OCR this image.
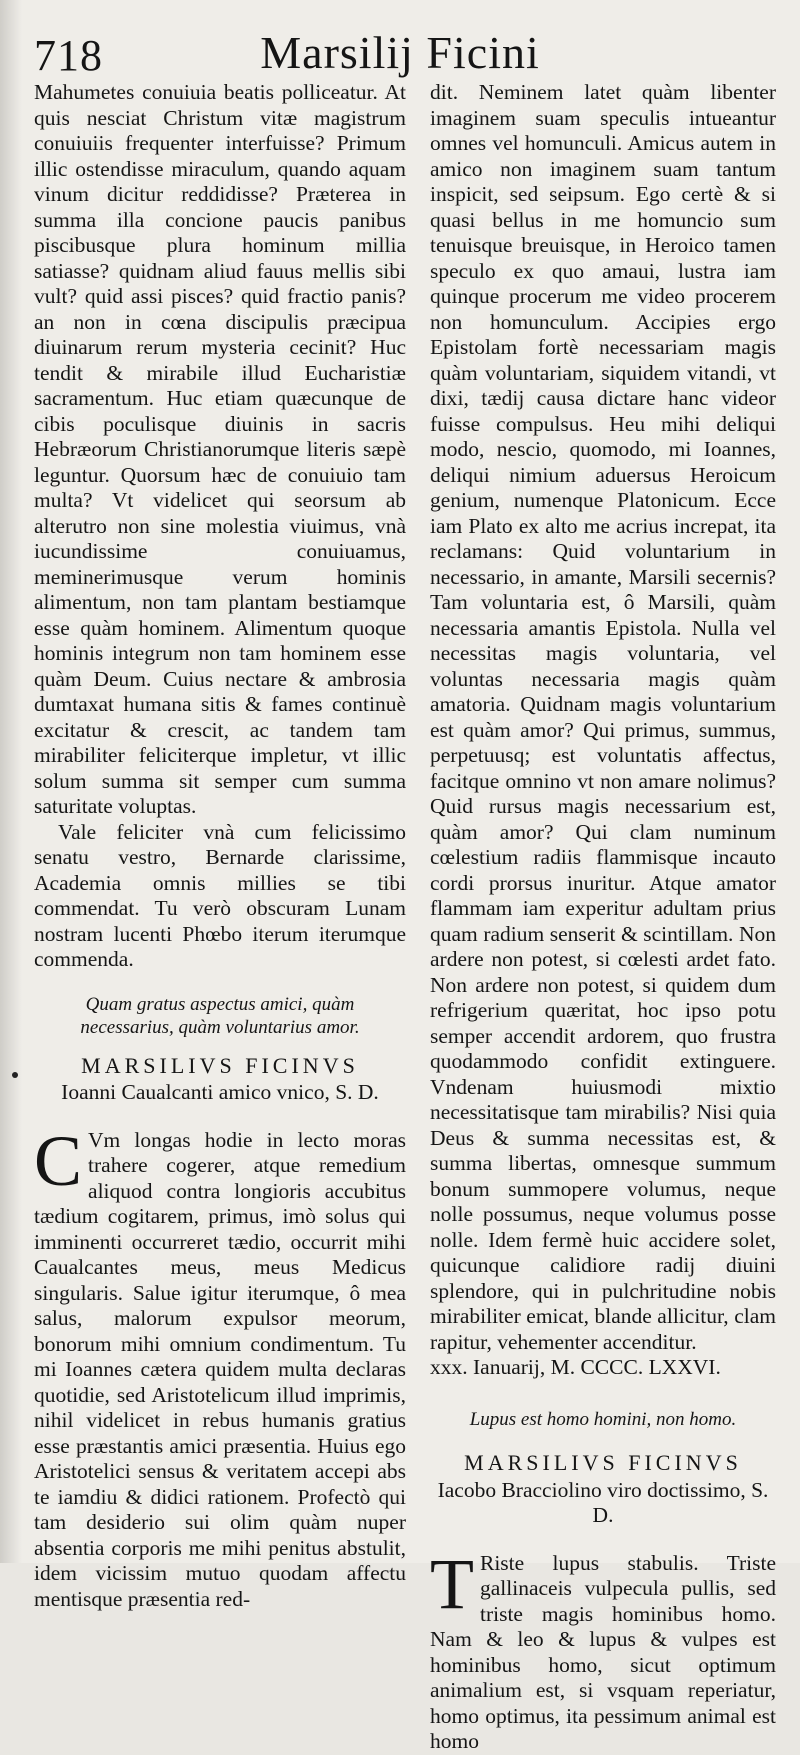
718	Marsilij Ficini

Mahumetes conuiuia beatis polliceatur. At quis nesciat Christum vitæ magistrum conuiuiis frequenter interfuisse? Primum illic ostendisse miraculum, quando aquam vinum dicitur reddidisse? Præterea in summa illa concione paucis panibus piscibusque plura hominum millia satiasse? quidnam aliud fauus mellis sibi vult? quid assi pisces? quid fractio panis? an non in cœna discipulis præcipua diuinarum rerum mysteria cecinit? Huc tendit & mirabile illud Eucharistiæ sacramentum. Huc etiam quæcunque de cibis poculisque diuinis in sacris Hebræorum Christianorumque literis sæpè leguntur. Quorsum hæc de conuiuio tam multa? Vt videlicet qui seorsum ab alterutro non sine molestia viuimus, vnà iucundissime conuiuamus, meminerimusque verum hominis alimentum, non tam plantam bestiamque esse quàm hominem. Alimentum quoque hominis integrum non tam hominem esse quàm Deum. Cuius nectare & ambrosia dumtaxat humana sitis & fames continuè excitatur & crescit, ac tandem tam mirabiliter feliciterque impletur, vt illic solum summa sit semper cum summa saturitate voluptas.

Vale feliciter vnà cum felicissimo senatu vestro, Bernarde clarissime, Academia omnis millies se tibi commendat. Tu verò obscuram Lunam nostram lucenti Phœbo iterum iterumque commenda.

Quam gratus aspectus amici, quàm necessarius, quàm voluntarius amor.
MARSILIVS FICINVS
Ioanni Caualcanti amico vnico, S. D.

C Vm longas hodie in lecto moras trahere cogerer, atque remedium aliquod contra longioris accubitus tædium cogitarem, primus, imò solus qui imminenti occurreret tædio, occurrit mihi Caualcantes meus, meus Medicus singularis. Salue igitur iterumque, ô mea salus, malorum expulsor meorum, bonorum mihi omnium condimentum. Tu mi Ioannes cætera quidem multa declaras quotidie, sed Aristotelicum illud imprimis, nihil videlicet in rebus humanis gratius esse præstantis amici præsentia. Huius ego Aristotelici sensus & veritatem accepi abs te iamdiu & didici rationem. Profectò qui tam desiderio sui olim quàm nuper absentia corporis me mihi penitus abstulit, idem vicissim mutuo quodam affectu mentisque præsentia red-

dit. Neminem latet quàm libenter imaginem suam speculis intueantur omnes vel homunculi. Amicus autem in amico non imaginem suam tantum inspicit, sed seipsum. Ego certè & si quasi bellus in me homuncio sum tenuisque breuisque, in Heroico tamen speculo ex quo amaui, lustra iam quinque procerum me video procerem non homunculum. Accipies ergo Epistolam fortè necessariam magis quàm voluntariam, siquidem vitandi, vt dixi, tædij causa dictare hanc videor fuisse compulsus. Heu mihi deliqui modo, nescio, quomodo, mi Ioannes, deliqui nimium aduersus Heroicum genium, numenque Platonicum. Ecce iam Plato ex alto me acrius increpat, ita reclamans: Quid voluntarium in necessario, in amante, Marsili secernis? Tam voluntaria est, ô Marsili, quàm necessaria amantis Epistola. Nulla vel necessitas magis voluntaria, vel voluntas necessaria magis quàm amatoria. Quidnam magis voluntarium est quàm amor? Qui primus, summus, perpetuusq; est voluntatis affectus, facitque omnino vt non amare nolimus? Quid rursus magis necessarium est, quàm amor? Qui clam numinum cœlestium radiis flammisque incauto cordi prorsus inuritur. Atque amator flammam iam experitur adultam prius quam radium senserit & scintillam. Non ardere non potest, si cœlesti ardet fato. Non ardere non potest, si quidem dum refrigerium quæritat, hoc ipso potu semper accendit ardorem, quo frustra quodammodo confidit extinguere. Vndenam huiusmodi mixtio necessitatisque tam mirabilis? Nisi quia Deus & summa necessitas est, & summa libertas, omnesque summum bonum summopere volumus, neque nolle possumus, neque volumus posse nolle. Idem fermè huic accidere solet, quicunque calidiore radij diuini splendore, qui in pulchritudine nobis mirabiliter emicat, blande allicitur, clam rapitur, vehementer accenditur.

xxx. Ianuarij, M. CCCC. LXXVI.

Lupus est homo homini, non homo.
MARSILIVS FICINVS
Iacobo Bracciolino viro doctissimo, S. D.

T Riste lupus stabulis. Triste gallinaceis vulpecula pullis, sed triste magis hominibus homo. Nam & leo & lupus & vulpes est hominibus homo, sicut optimum animalium est, si vsquam reperiatur, homo optimus, ita pessimum animal est homo
